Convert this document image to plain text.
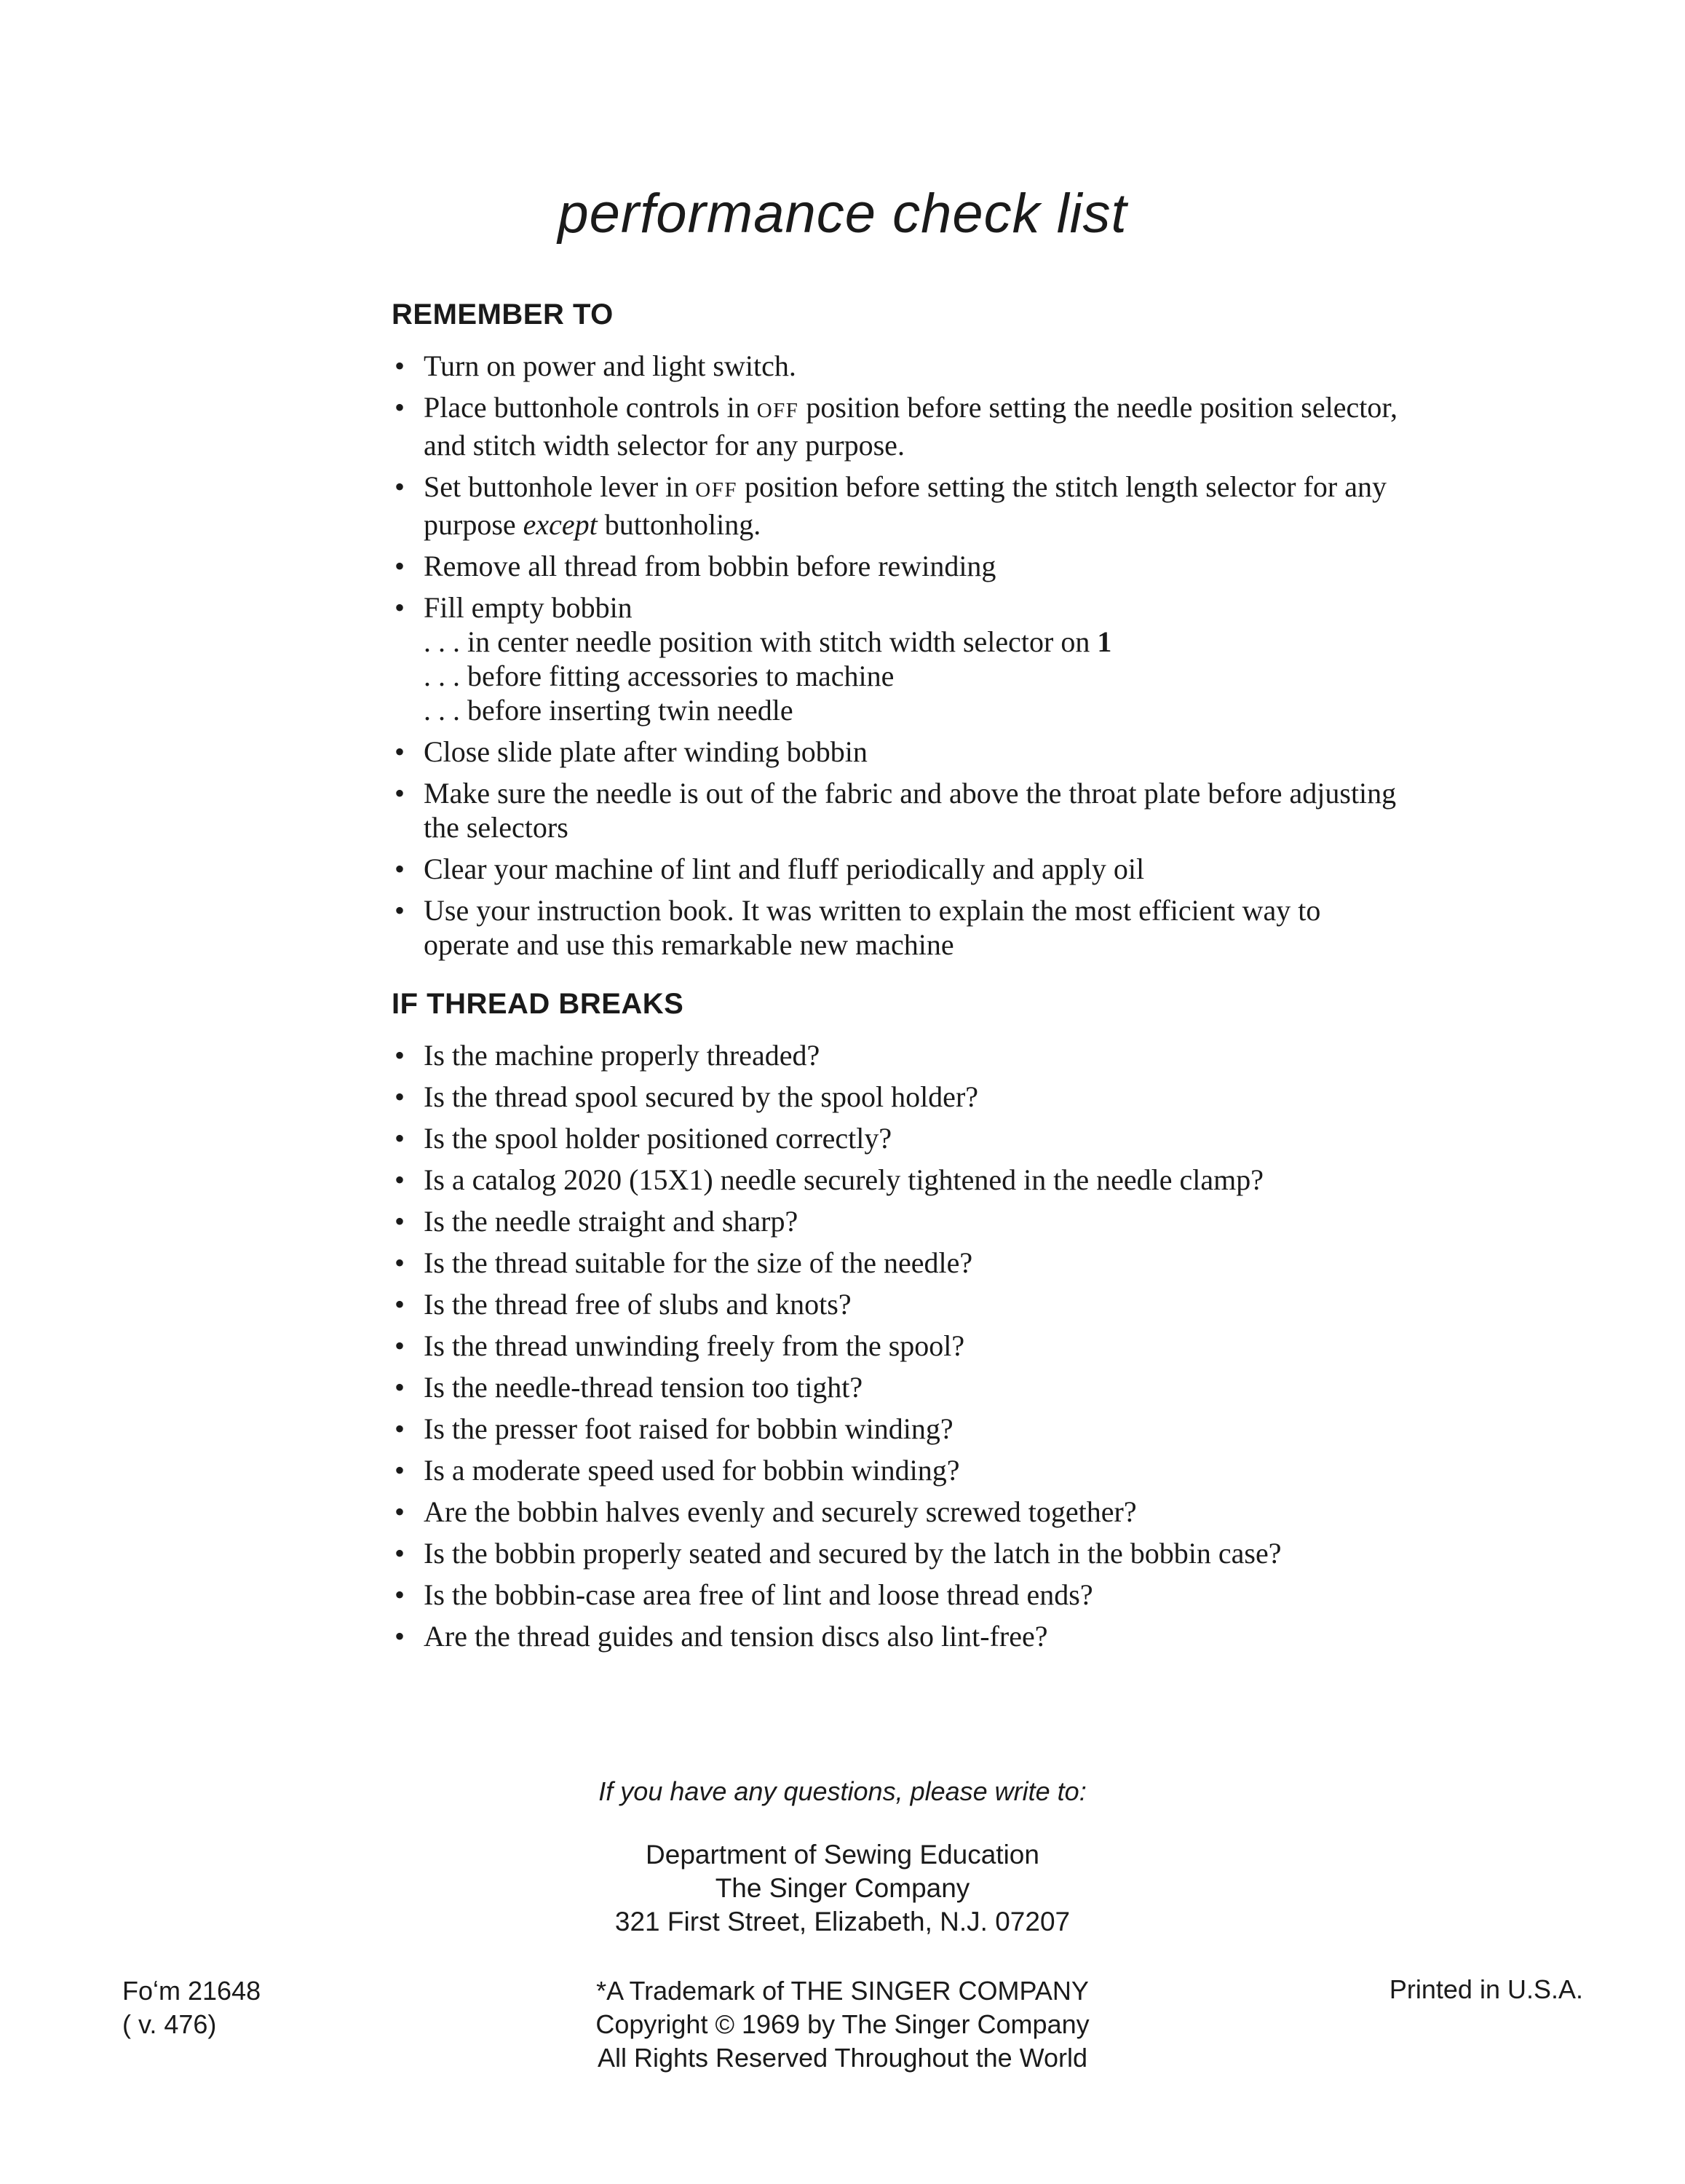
performance check list
REMEMBER TO
• Turn on power and light switch.
• Place buttonhole controls in OFF position before setting the needle position selector, and stitch width selector for any purpose.
• Set buttonhole lever in OFF position before setting the stitch length selector for any purpose except buttonholing.
• Remove all thread from bobbin before rewinding
• Fill empty bobbin
. . . in center needle position with stitch width selector on 1
. . . before fitting accessories to machine
. . . before inserting twin needle
• Close slide plate after winding bobbin
• Make sure the needle is out of the fabric and above the throat plate before adjusting the selectors
• Clear your machine of lint and fluff periodically and apply oil
• Use your instruction book. It was written to explain the most efficient way to operate and use this remarkable new machine
IF THREAD BREAKS
• Is the machine properly threaded?
• Is the thread spool secured by the spool holder?
• Is the spool holder positioned correctly?
• Is a catalog 2020 (15X1) needle securely tightened in the needle clamp?
• Is the needle straight and sharp?
• Is the thread suitable for the size of the needle?
• Is the thread free of slubs and knots?
• Is the thread unwinding freely from the spool?
• Is the needle-thread tension too tight?
• Is the presser foot raised for bobbin winding?
• Is a moderate speed used for bobbin winding?
• Are the bobbin halves evenly and securely screwed together?
• Is the bobbin properly seated and secured by the latch in the bobbin case?
• Is the bobbin-case area free of lint and loose thread ends?
• Are the thread guides and tension discs also lint-free?
If you have any questions, please write to:
Department of Sewing Education
The Singer Company
321 First Street, Elizabeth, N.J. 07207
*A Trademark of THE SINGER COMPANY
Copyright © 1969 by The Singer Company
All Rights Reserved Throughout the World
Foʻm 21648
( v. 476)
Printed in U.S.A.
